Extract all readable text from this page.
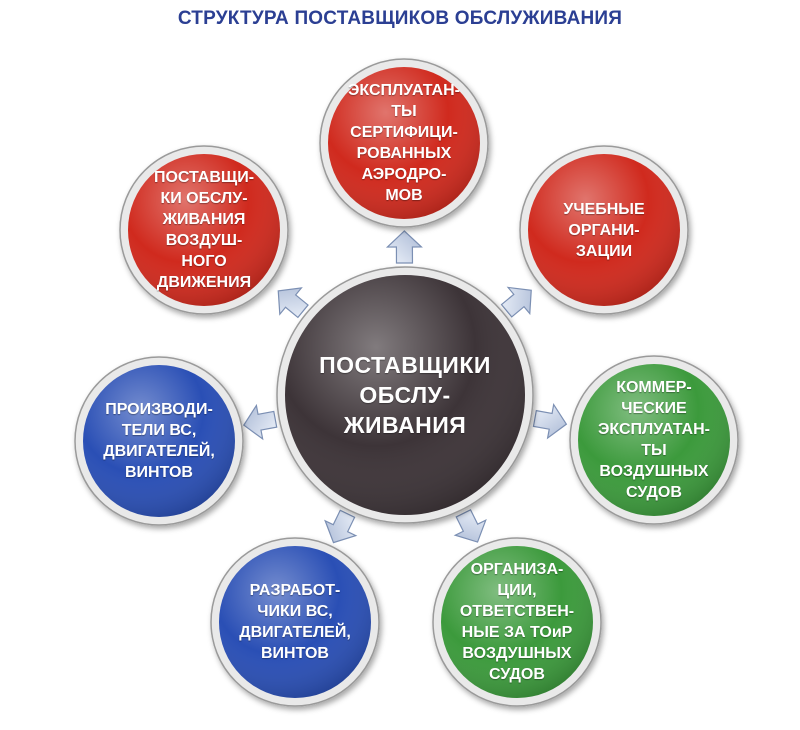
СТРУКТУРА ПОСТАВЩИКОВ ОБСЛУЖИВАНИЯ
ЭКСПЛУАТАН-
ТЫ
СЕРТИФИЦИ-
РОВАННЫХ
АЭРОДРО-
МОВ
УЧЕБНЫЕ
ОРГАНИ-
ЗАЦИИ
КОММЕР-
ЧЕСКИЕ
ЭКСПЛУАТАН-
ТЫ
ВОЗДУШНЫХ
СУДОВ
ОРГАНИЗА-
ЦИИ,
ОТВЕТСТВЕН-
НЫЕ ЗА ТОиР
ВОЗДУШНЫХ
СУДОВ
РАЗРАБОТ-
ЧИКИ ВС,
ДВИГАТЕЛЕЙ,
ВИНТОВ
ПРОИЗВОДИ-
ТЕЛИ ВС,
ДВИГАТЕЛЕЙ,
ВИНТОВ
ПОСТАВЩИ-
КИ ОБСЛУ-
ЖИВАНИЯ
ВОЗДУШ-
НОГО
ДВИЖЕНИЯ
ПОСТАВЩИКИ
ОБСЛУ-
ЖИВАНИЯ
